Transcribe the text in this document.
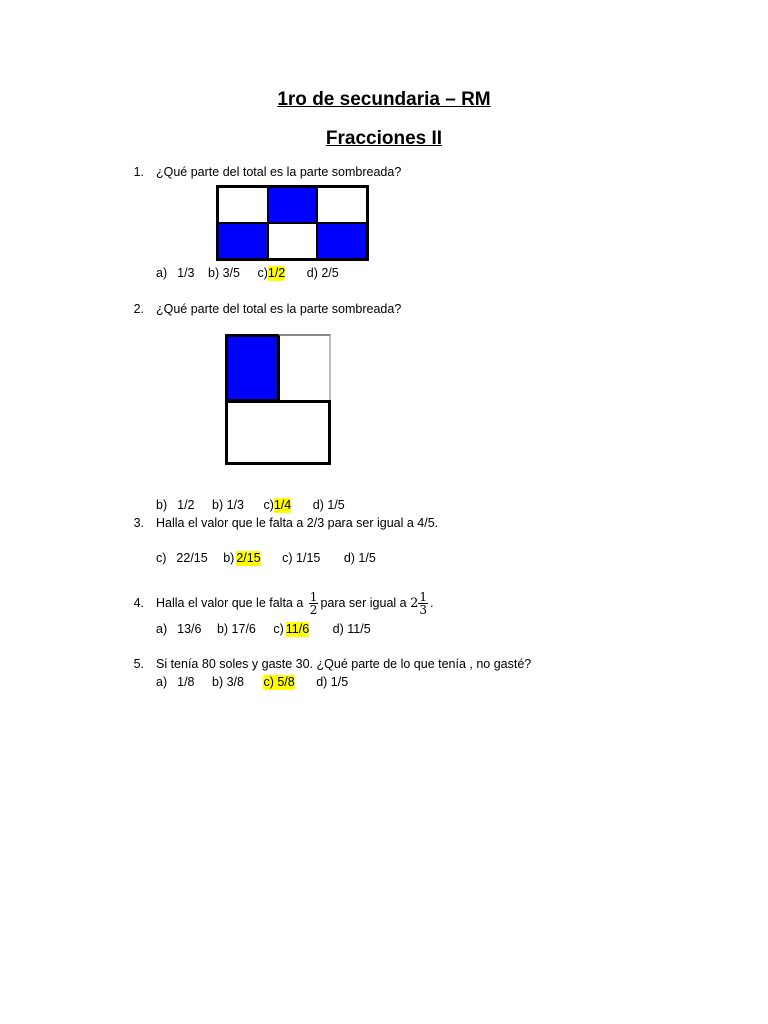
1ro de secundaria – RM
Fracciones II
1. ¿Qué parte del total es la parte sombreada?
a) 1/3 b) 3/5 c)1/2 d) 2/5
2. ¿Qué parte del total es la parte sombreada?
b) 1/2 b) 1/3 c)1/4 d) 1/5
3. Halla el valor que le falta a 2/3 para ser igual a 4/5.
c) 22/15 b) 2/15 c) 1/15 d) 1/5
4. Halla el valor que le falta a $\frac{1}{2}$ para ser igual a $2 \frac{1}{3}$ .
a) 13/6 b) 17/6 c) 11/6 d) 11/5
5. Si tenía 80 soles y gaste 30. ¿Qué parte de lo que tenía , no gasté?
a) 1/8 b) 3/8 c) 5/8 d) 1/5
